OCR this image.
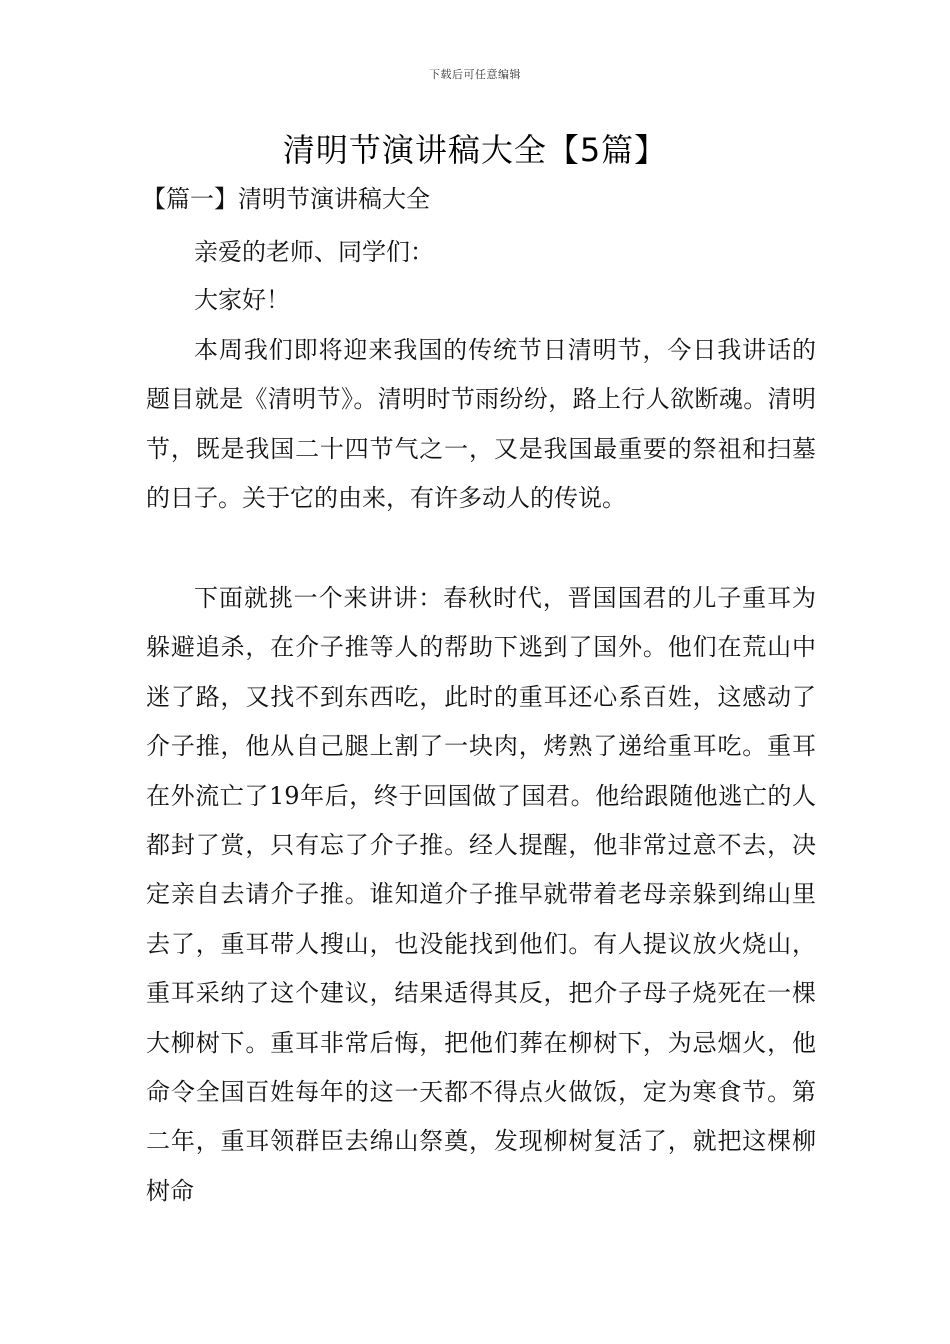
下载后可任意编辑
清明节演讲稿大全【5篇】
【篇一】清明节演讲稿大全

亲爱的老师、同学们：

大家好！

本周我们即将迎来我国的传统节日清明节，今日我讲话的题目就是《清明节》。清明时节雨纷纷，路上行人欲断魂。清明节，既是我国二十四节气之一，又是我国最重要的祭祖和扫墓的日子。关于它的由来，有许多动人的传说。

下面就挑一个来讲讲：春秋时代，晋国国君的儿子重耳为躲避追杀，在介子推等人的帮助下逃到了国外。他们在荒山中迷了路，又找不到东西吃，此时的重耳还心系百姓，这感动了介子推，他从自己腿上割了一块肉，烤熟了递给重耳吃。重耳在外流亡了19年后，终于回国做了国君。他给跟随他逃亡的人都封了赏，只有忘了介子推。经人提醒，他非常过意不去，决定亲自去请介子推。谁知道介子推早就带着老母亲躲到绵山里去了，重耳带人搜山，也没能找到他们。有人提议放火烧山，重耳采纳了这个建议，结果适得其反，把介子母子烧死在一棵大柳树下。重耳非常后悔，把他们葬在柳树下，为忌烟火，他命令全国百姓每年的这一天都不得点火做饭，定为寒食节。第二年，重耳领群臣去绵山祭奠，发现柳树复活了，就把这棵柳树命
